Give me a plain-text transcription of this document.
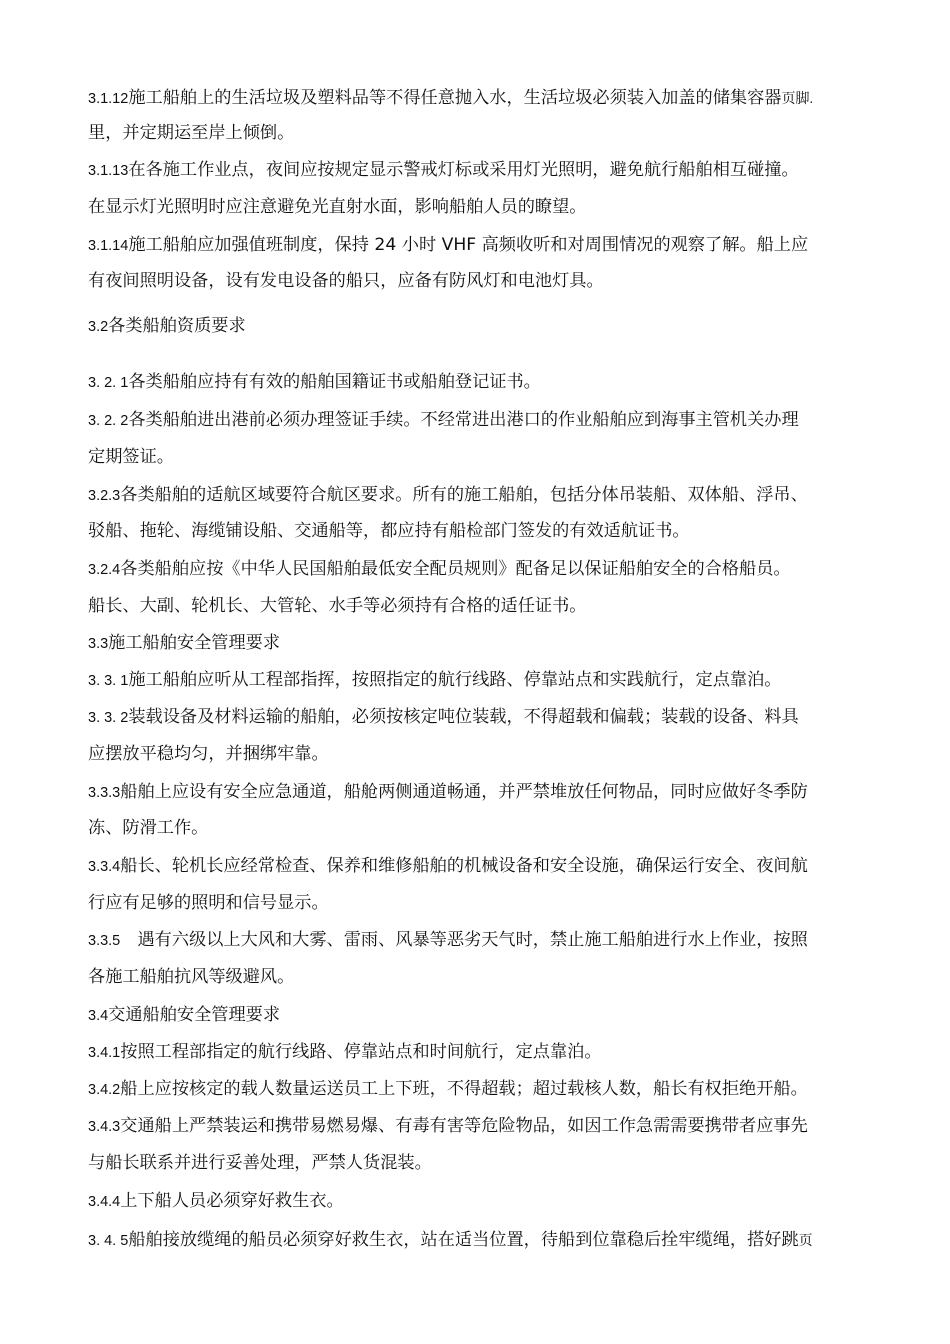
3.1.12施工船舶上的生活垃圾及塑料品等不得任意抛入水，生活垃圾必须装入加盖的储集容器页脚.
里，并定期运至岸上倾倒。
3.1.13在各施工作业点，夜间应按规定显示警戒灯标或采用灯光照明，避免航行船舶相互碰撞。
在显示灯光照明时应注意避免光直射水面，影响船舶人员的瞭望。
3.1.14施工船舶应加强值班制度，保持 24 小时 VHF 高频收听和对周围情况的观察了解。船上应
有夜间照明设备，设有发电设备的船只，应备有防风灯和电池灯具。
3.2各类船舶资质要求
3. 2. 1各类船舶应持有有效的船舶国籍证书或船舶登记证书。
3. 2. 2各类船舶进出港前必须办理签证手续。不经常进出港口的作业船舶应到海事主管机关办理
定期签证。
3.2.3各类船舶的适航区域要符合航区要求。所有的施工船舶，包括分体吊装船、双体船、浮吊、
驳船、拖轮、海缆铺设船、交通船等，都应持有船检部门签发的有效适航证书。
3.2.4各类船舶应按《中华人民国船舶最低安全配员规则》配备足以保证船舶安全的合格船员。
船长、大副、轮机长、大管轮、水手等必须持有合格的适任证书。
3.3施工船舶安全管理要求
3. 3. 1施工船舶应听从工程部指挥，按照指定的航行线路、停靠站点和实践航行，定点靠泊。
3. 3. 2装载设备及材料运输的船舶，必须按核定吨位装载，不得超载和偏载；装载的设备、料具
应摆放平稳均匀，并捆绑牢靠。
3.3.3船舶上应设有安全应急通道，船舱两侧通道畅通，并严禁堆放任何物品，同时应做好冬季防
冻、防滑工作。
3.3.4船长、轮机长应经常检查、保养和维修船舶的机械设备和安全设施，确保运行安全、夜间航
行应有足够的照明和信号显示。
3.3.5　遇有六级以上大风和大雾、雷雨、风暴等恶劣天气时，禁止施工船舶进行水上作业，按照
各施工船舶抗风等级避风。
3.4交通船舶安全管理要求
3.4.1按照工程部指定的航行线路、停靠站点和时间航行，定点靠泊。
3.4.2船上应按核定的载人数量运送员工上下班，不得超载；超过载核人数，船长有权拒绝开船。
3.4.3交通船上严禁装运和携带易燃易爆、有毒有害等危险物品，如因工作急需需要携带者应事先
与船长联系并进行妥善处理，严禁人货混装。
3.4.4上下船人员必须穿好救生衣。
3. 4. 5船舶接放缆绳的船员必须穿好救生衣，站在适当位置，待船到位靠稳后拴牢缆绳，搭好跳页
